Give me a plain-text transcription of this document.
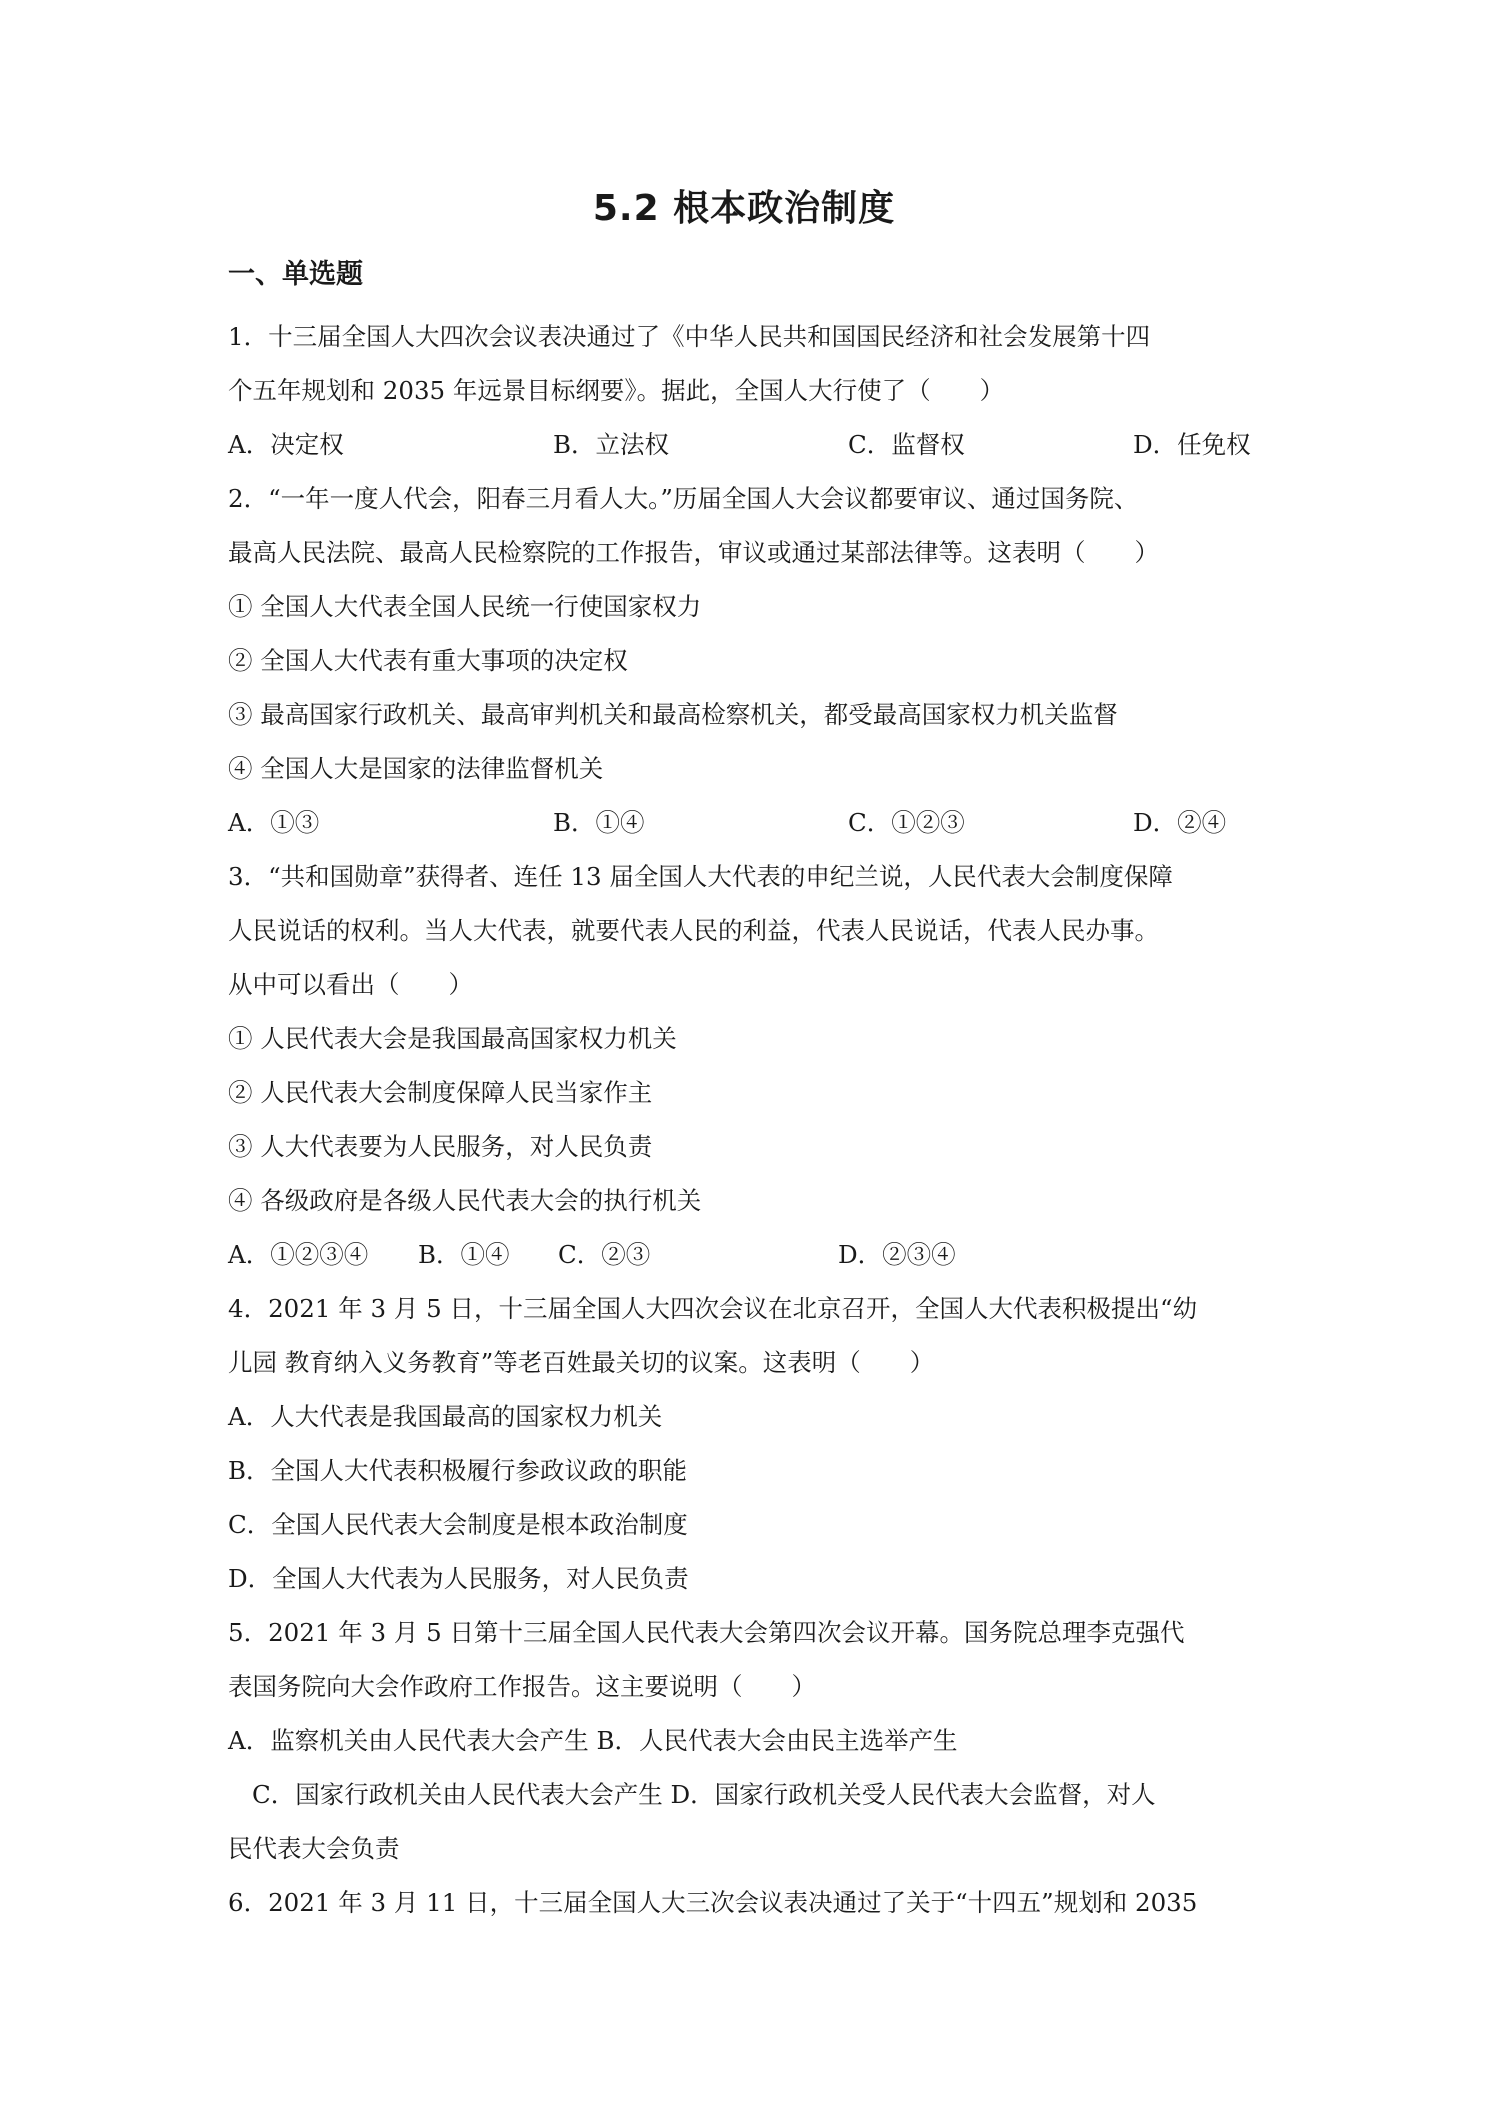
5.2 根本政治制度
一、单选题
1．十三届全国人大四次会议表决通过了《中华人民共和国国民经济和社会发展第十四
个五年规划和 2035 年远景目标纲要》。据此，全国人大行使了（　　）
A．决定权	B．立法权	C．监督权	D．任免权
2．“一年一度人代会，阳春三月看人大。”历届全国人大会议都要审议、通过国务院、
最高人民法院、最高人民检察院的工作报告，审议或通过某部法律等。这表明（　　）
① 全国人大代表全国人民统一行使国家权力
② 全国人大代表有重大事项的决定权
③ 最高国家行政机关、最高审判机关和最高检察机关，都受最高国家权力机关监督
④ 全国人大是国家的法律监督机关
A．①③	B．①④	C．①②③	D．②④
3．“共和国勋章”获得者、连任 13 届全国人大代表的申纪兰说，人民代表大会制度保障
人民说话的权利。当人大代表，就要代表人民的利益，代表人民说话，代表人民办事。
从中可以看出（　　）
① 人民代表大会是我国最高国家权力机关
② 人民代表大会制度保障人民当家作主
③ 人大代表要为人民服务，对人民负责
④ 各级政府是各级人民代表大会的执行机关
A．①②③④	B．①④	C．②③	D．②③④
4．2021 年 3 月 5 日，十三届全国人大四次会议在北京召开，全国人大代表积极提出“幼
儿园 教育纳入义务教育”等老百姓最关切的议案。这表明（　　）
A．人大代表是我国最高的国家权力机关
B．全国人大代表积极履行参政议政的职能
C．全国人民代表大会制度是根本政治制度
D．全国人大代表为人民服务，对人民负责
5．2021 年 3 月 5 日第十三届全国人民代表大会第四次会议开幕。国务院总理李克强代
表国务院向大会作政府工作报告。这主要说明（　　）
A．监察机关由人民代表大会产生 B．人民代表大会由民主选举产生
C．国家行政机关由人民代表大会产生 D．国家行政机关受人民代表大会监督，对人
民代表大会负责
6．2021 年 3 月 11 日，十三届全国人大三次会议表决通过了关于“十四五”规划和 2035
